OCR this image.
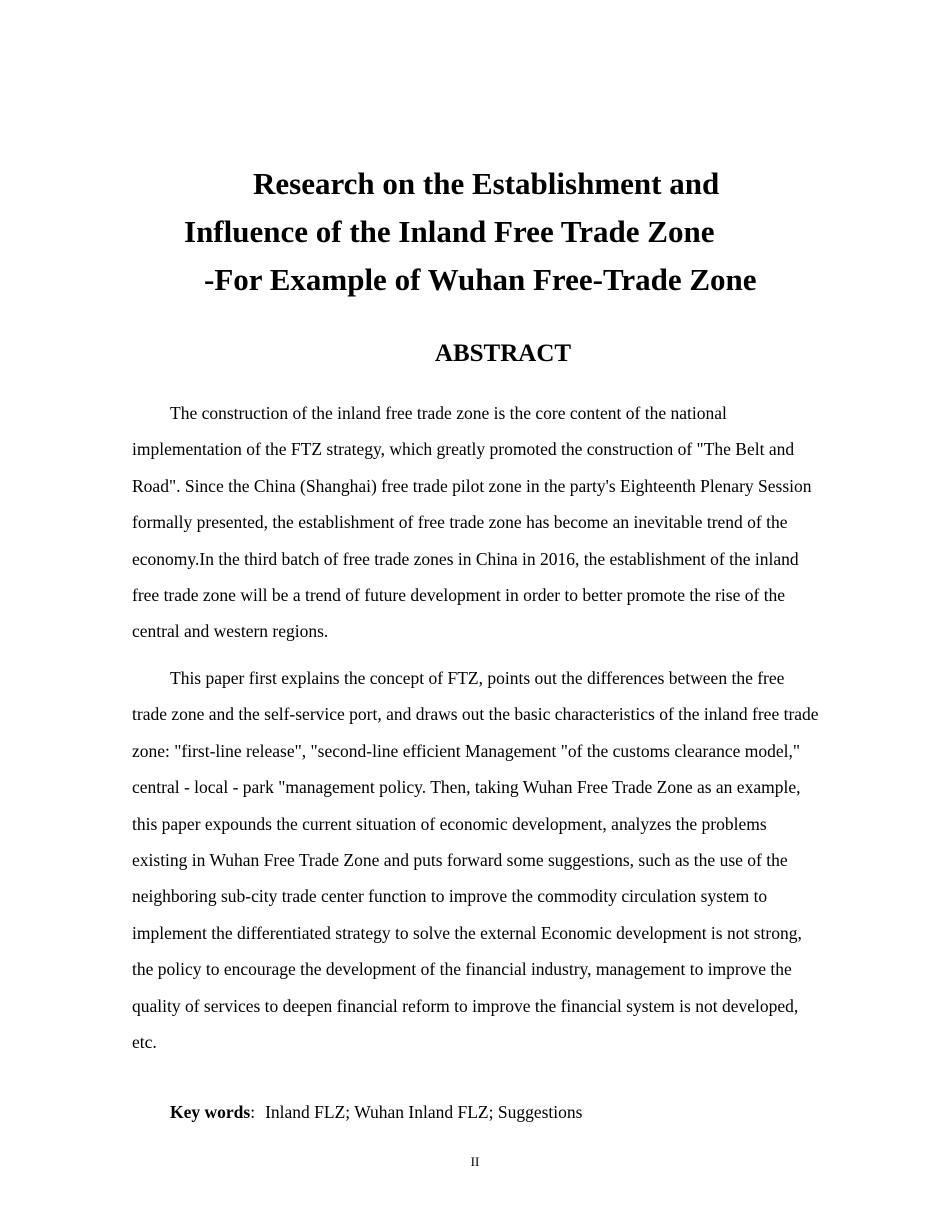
Research on the Establishment and
Influence of the Inland Free Trade Zone
-For Example of Wuhan Free-Trade Zone
ABSTRACT

The construction of the inland free trade zone is the core content of the national implementation of the FTZ strategy, which greatly promoted the construction of "The Belt and Road". Since the China (Shanghai) free trade pilot zone in the party's Eighteenth Plenary Session formally presented, the establishment of free trade zone has become an inevitable trend of the economy.In the third batch of free trade zones in China in 2016, the establishment of the inland free trade zone will be a trend of future development in order to better promote the rise of the central and western regions.

This paper first explains the concept of FTZ, points out the differences between the free trade zone and the self-service port, and draws out the basic characteristics of the inland free trade zone: "first-line release", "second-line efficient Management "of the customs clearance model," central - local - park "management policy. Then, taking Wuhan Free Trade Zone as an example, this paper expounds the current situation of economic development, analyzes the problems existing in Wuhan Free Trade Zone and puts forward some suggestions, such as the use of the neighboring sub-city trade center function to improve the commodity circulation system to implement the differentiated strategy to solve the external Economic development is not strong, the policy to encourage the development of the financial industry, management to improve the quality of services to deepen financial reform to improve the financial system is not developed, etc.

Key words: Inland FLZ; Wuhan Inland FLZ; Suggestions
II
